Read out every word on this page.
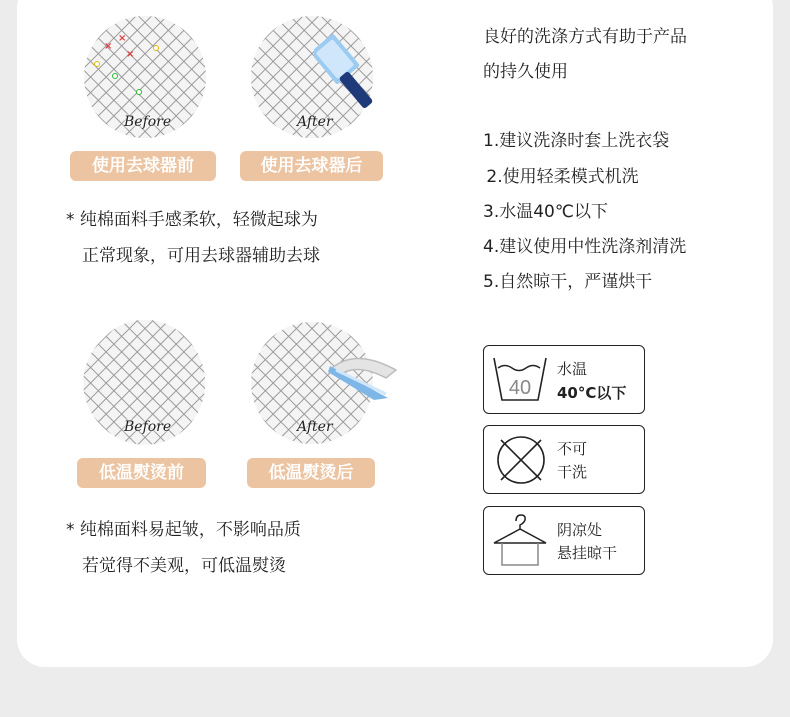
×
×
×
Before	After
使用去球器前	使用去球器后
* 纯棉面料手感柔软，轻微起球为
正常现象，可用去球器辅助去球
Before	After
低温熨烫前	低温熨烫后
* 纯棉面料易起皱，不影响品质
若觉得不美观，可低温熨烫
良好的洗涤方式有助于产品
的持久使用
1.建议洗涤时套上洗衣袋
2.使用轻柔模式机洗
3.水温40℃以下
4.建议使用中性洗涤剂清洗
5.自然晾干，严谨烘干
40
水温
40°C以下
不可
干洗
阴凉处
悬挂晾干
